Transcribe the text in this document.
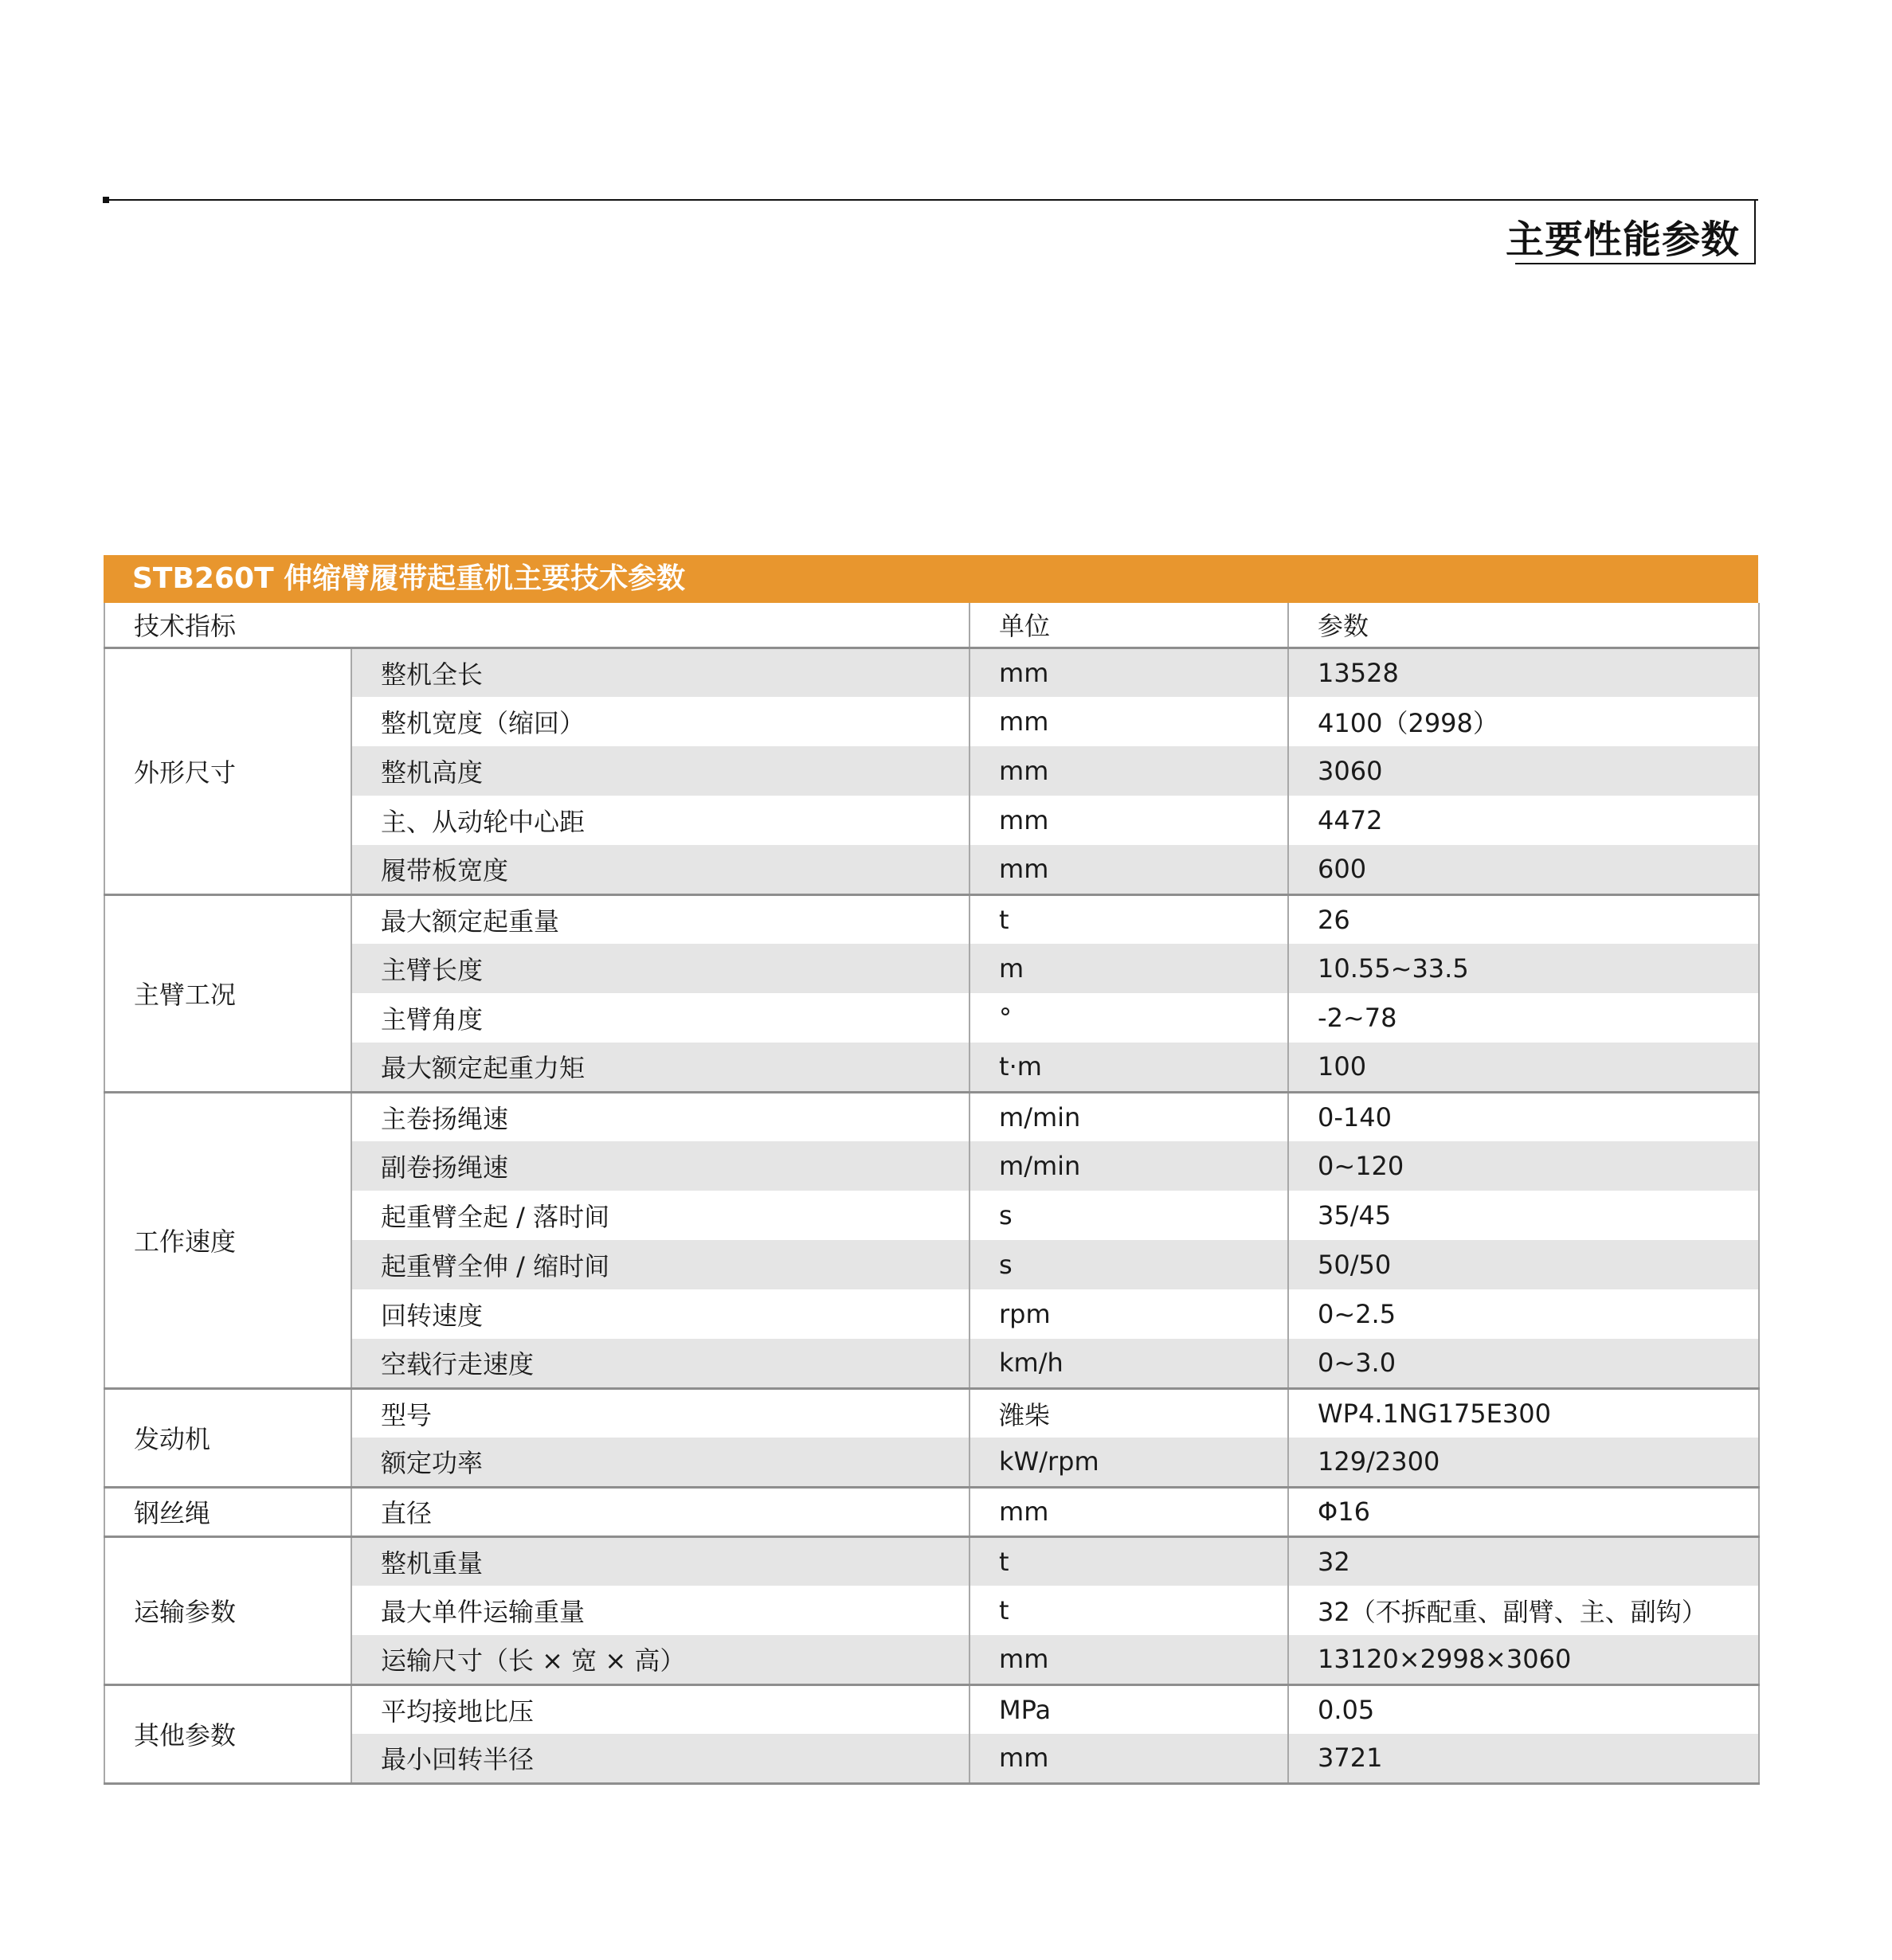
主要性能参数
STB260T 伸缩臂履带起重机主要技术参数
技术指标		单位	参数
外形尺寸	整机全长	mm	13528
	整机宽度（缩回）	mm	4100（2998）
	整机高度	mm	3060
	主、从动轮中心距	mm	4472
	履带板宽度	mm	600
主臂工况	最大额定起重量	t	26
	主臂长度	m	10.55~33.5
	主臂角度	°	-2~78
	最大额定起重力矩	t·m	100
工作速度	主卷扬绳速	m/min	0-140
	副卷扬绳速	m/min	0~120
	起重臂全起 / 落时间	s	35/45
	起重臂全伸 / 缩时间	s	50/50
	回转速度	rpm	0~2.5
	空载行走速度	km/h	0~3.0
发动机	型号	潍柴	WP4.1NG175E300
	额定功率	kW/rpm	129/2300
钢丝绳	直径	mm	Φ16
运输参数	整机重量	t	32
	最大单件运输重量	t	32（不拆配重、副臂、主、副钩）
	运输尺寸（长 × 宽 × 高）	mm	13120×2998×3060
其他参数	平均接地比压	MPa	0.05
	最小回转半径	mm	3721
